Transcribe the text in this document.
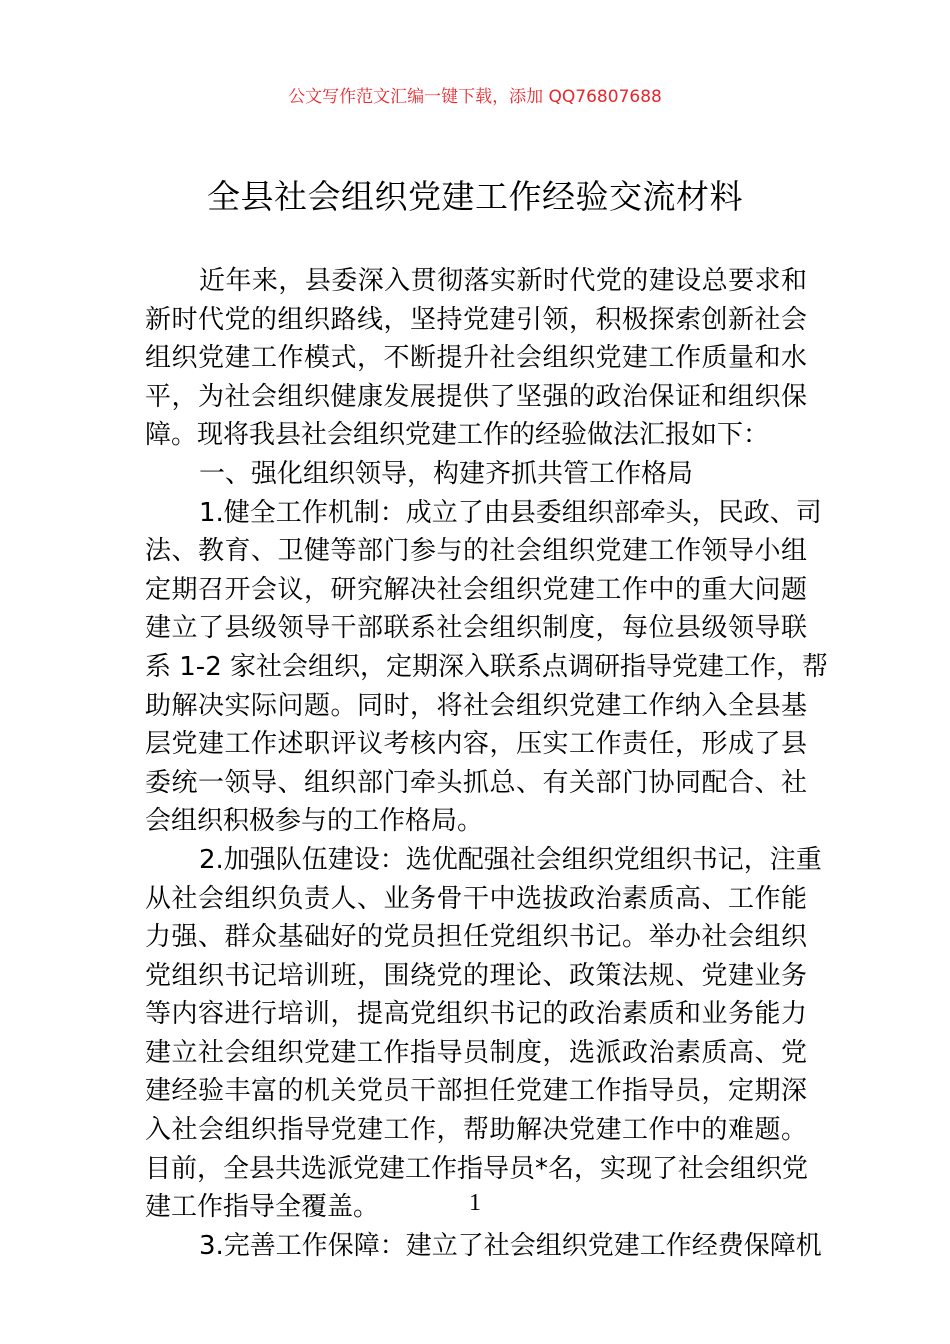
公文写作范文汇编一键下载，添加 QQ76807688
全县社会组织党建工作经验交流材料
近年来，县委深入贯彻落实新时代党的建设总要求和
新时代党的组织路线，坚持党建引领，积极探索创新社会
组织党建工作模式，不断提升社会组织党建工作质量和水
平，为社会组织健康发展提供了坚强的政治保证和组织保
障。现将我县社会组织党建工作的经验做法汇报如下：
一、强化组织领导，构建齐抓共管工作格局
1.健全工作机制：成立了由县委组织部牵头，民政、司
法、教育、卫健等部门参与的社会组织党建工作领导小组
定期召开会议，研究解决社会组织党建工作中的重大问题
建立了县级领导干部联系社会组织制度，每位县级领导联
系 1-2 家社会组织，定期深入联系点调研指导党建工作，帮
助解决实际问题。同时，将社会组织党建工作纳入全县基
层党建工作述职评议考核内容，压实工作责任，形成了县
委统一领导、组织部门牵头抓总、有关部门协同配合、社
会组织积极参与的工作格局。
2.加强队伍建设：选优配强社会组织党组织书记，注重
从社会组织负责人、业务骨干中选拔政治素质高、工作能
力强、群众基础好的党员担任党组织书记。举办社会组织
党组织书记培训班，围绕党的理论、政策法规、党建业务
等内容进行培训，提高党组织书记的政治素质和业务能力
建立社会组织党建工作指导员制度，选派政治素质高、党
建经验丰富的机关党员干部担任党建工作指导员，定期深
入社会组织指导党建工作，帮助解决党建工作中的难题。
目前，全县共选派党建工作指导员*名，实现了社会组织党
建工作指导全覆盖。
3.完善工作保障：建立了社会组织党建工作经费保障机
1
